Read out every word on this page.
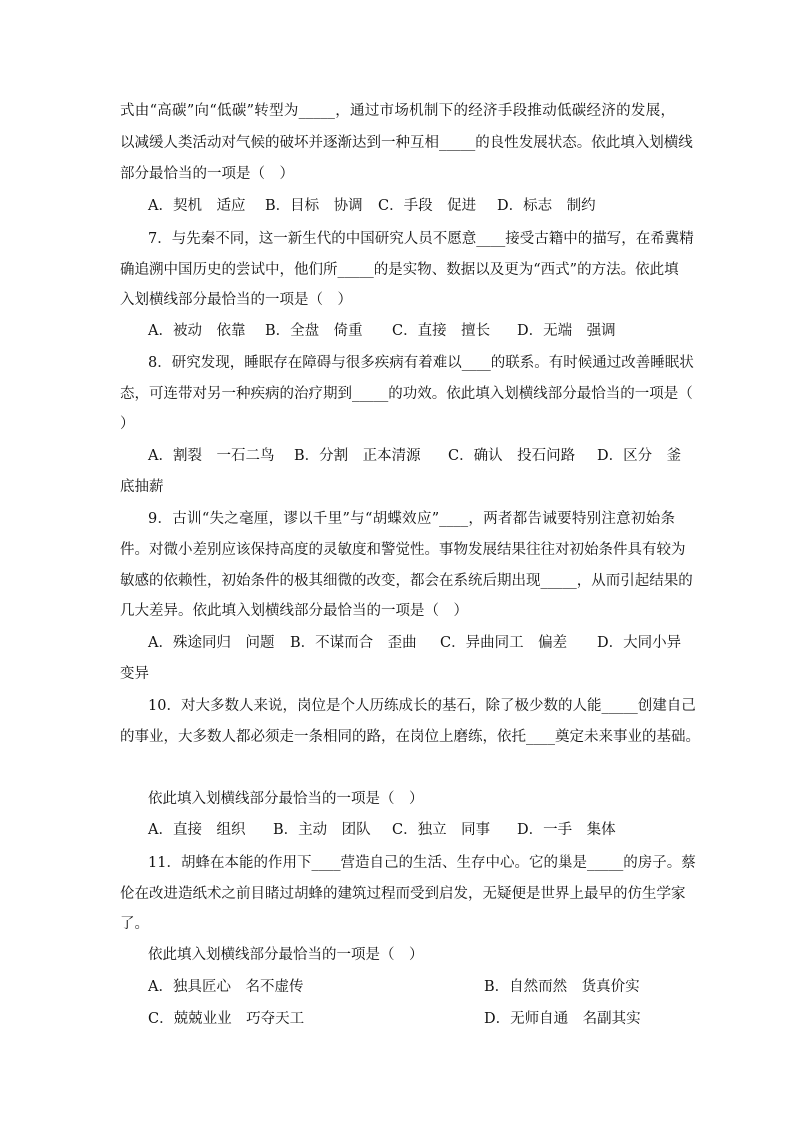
式由“高碳”向“低碳”转型为_____，通过市场机制下的经济手段推动低碳经济的发展，
以减缓人类活动对气候的破坏并逐渐达到一种互相_____的良性发展状态。依此填入划横线
部分最恰当的一项是（　）
A．契机　适应 B．目标　协调 C．手段　促进 D．标志　制约
7．与先秦不同，这一新生代的中国研究人员不愿意____接受古籍中的描写，在希冀精
确追溯中国历史的尝试中，他们所_____的是实物、数据以及更为“西式”的方法。依此填
入划横线部分最恰当的一项是（　）
A．被动　依靠 B．全盘　倚重 C．直接　擅长 D．无端　强调
8．研究发现，睡眠存在障碍与很多疾病有着难以____的联系。有时候通过改善睡眠状
态，可连带对另一种疾病的治疗期到_____的功效。依此填入划横线部分最恰当的一项是（
）
A．割裂　一石二鸟 B．分割　正本清源 C．确认　投石问路 D．区分　釜
底抽薪
9．古训“失之毫厘，谬以千里”与“胡蝶效应”____，两者都告诫要特别注意初始条
件。对微小差别应该保持高度的灵敏度和警觉性。事物发展结果往往对初始条件具有较为
敏感的依赖性，初始条件的极其细微的改变，都会在系统后期出现_____，从而引起结果的
几大差异。依此填入划横线部分最恰当的一项是（　）
A．殊途同归　问题 B．不谋而合　歪曲 C．异曲同工　偏差 D．大同小异
变异
10．对大多数人来说，岗位是个人历练成长的基石，除了极少数的人能_____创建自己
的事业，大多数人都必须走一条相同的路，在岗位上磨练，依托____奠定未来事业的基础。
依此填入划横线部分最恰当的一项是（　）
A．直接　组织 B．主动　团队 C．独立　同事 D．一手　集体
11．胡蜂在本能的作用下____营造自己的生活、生存中心。它的巢是_____的房子。蔡
伦在改进造纸术之前目睹过胡蜂的建筑过程而受到启发，无疑便是世界上最早的仿生学家
了。
依此填入划横线部分最恰当的一项是（　）
A．独具匠心　名不虚传	B．自然而然　货真价实
C．兢兢业业　巧夺天工	D．无师自通　名副其实
